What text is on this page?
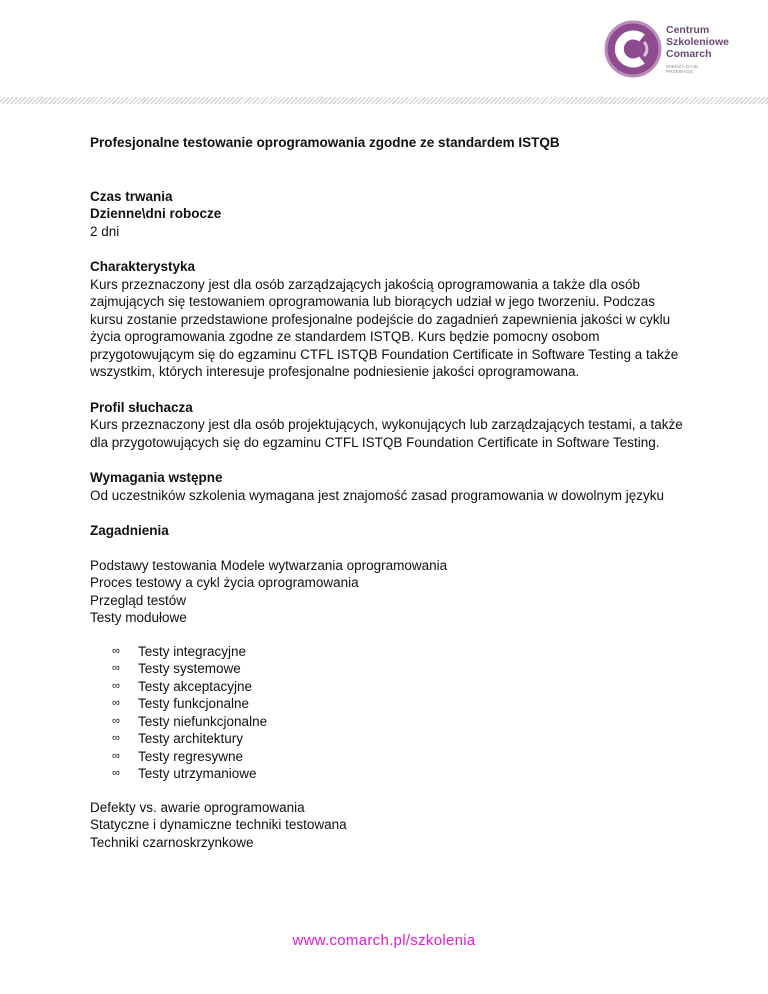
Centrum
Szkoleniowe
Comarch
WIEDZA DAJE PRZEWAGĘ

Profesjonalne testowanie oprogramowania zgodne ze standardem ISTQB

Czas trwania

Dzienne\dni robocze

2 dni

Charakterystyka

Kurs przeznaczony jest dla osób zarządzających jakością oprogramowania a także dla osób zajmujących się testowaniem oprogramowania lub biorących udział w jego tworzeniu. Podczas kursu zostanie przedstawione profesjonalne podejście do zagadnień zapewnienia jakości w cyklu życia oprogramowania zgodne ze standardem ISTQB. Kurs będzie pomocny osobom przygotowującym się do egzaminu CTFL ISTQB Foundation Certificate in Software Testing a także wszystkim, których interesuje profesjonalne podniesienie jakości oprogramowana.

Profil słuchacza

Kurs przeznaczony jest dla osób projektujących, wykonujących lub zarządzających testami, a także dla przygotowujących się do egzaminu CTFL ISTQB Foundation Certificate in Software Testing.

Wymagania wstępne

Od uczestników szkolenia wymagana jest znajomość zasad programowania w dowolnym języku

Zagadnienia

Podstawy testowania Modele wytwarzania oprogramowania

Proces testowy a cykl życia oprogramowania

Przegląd testów

Testy modułowe

∞ Testy integracyjne
∞ Testy systemowe
∞ Testy akceptacyjne
∞ Testy funkcjonalne
∞ Testy niefunkcjonalne
∞ Testy architektury
∞ Testy regresywne
∞ Testy utrzymaniowe

Defekty vs. awarie oprogramowania

Statyczne i dynamiczne techniki testowana

Techniki czarnoskrzynkowe

www.comarch.pl/szkolenia
